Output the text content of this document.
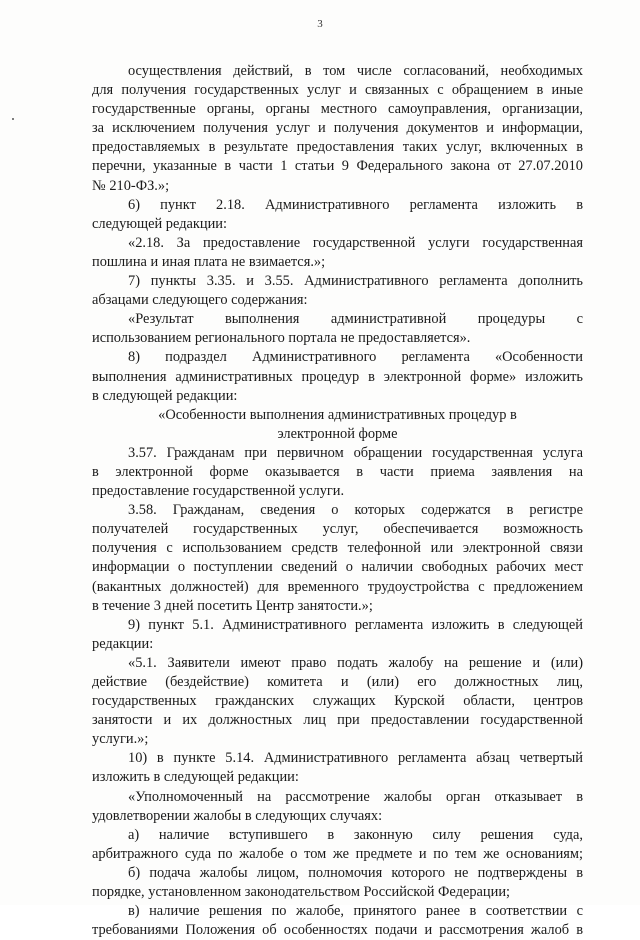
3
осуществления действий, в том числе согласований, необходимых
для получения государственных услуг и связанных с обращением в иные
государственные органы, органы местного самоуправления, организации,
за исключением получения услуг и получения документов и информации,
предоставляемых в результате предоставления таких услуг, включенных в
перечни, указанные в части 1 статьи 9 Федерального закона от 27.07.2010
№ 210-ФЗ.»;
6) пункт 2.18. Административного регламента изложить в
следующей редакции:
«2.18. За предоставление государственной услуги государственная
пошлина и иная плата не взимается.»;
7) пункты 3.35. и 3.55. Административного регламента дополнить
абзацами следующего содержания:
«Результат выполнения административной процедуры с
использованием регионального портала не предоставляется».
8) подраздел Административного регламента «Особенности
выполнения административных процедур в электронной форме» изложить
в следующей редакции:
«Особенности выполнения административных процедур в
электронной форме
3.57. Гражданам при первичном обращении государственная услуга
в электронной форме оказывается в части приема заявления на
предоставление государственной услуги.
3.58. Гражданам, сведения о которых содержатся в регистре
получателей государственных услуг, обеспечивается возможность
получения с использованием средств телефонной или электронной связи
информации о поступлении сведений о наличии свободных рабочих мест
(вакантных должностей) для временного трудоустройства с предложением
в течение 3 дней посетить Центр занятости.»;
9) пункт 5.1. Административного регламента изложить в следующей
редакции:
«5.1. Заявители имеют право подать жалобу на решение и (или)
действие (бездействие) комитета и (или) его должностных лиц,
государственных гражданских служащих Курской области, центров
занятости и их должностных лиц при предоставлении государственной
услуги.»;
10) в пункте 5.14. Административного регламента абзац четвертый
изложить в следующей редакции:
«Уполномоченный на рассмотрение жалобы орган отказывает в
удовлетворении жалобы в следующих случаях:
а) наличие вступившего в законную силу решения суда,
арбитражного суда по жалобе о том же предмете и по тем же основаниям;
б) подача жалобы лицом, полномочия которого не подтверждены в
порядке, установленном законодательством Российской Федерации;
в) наличие решения по жалобе, принятого ранее в соответствии с
требованиями Положения об особенностях подачи и рассмотрения жалоб в
